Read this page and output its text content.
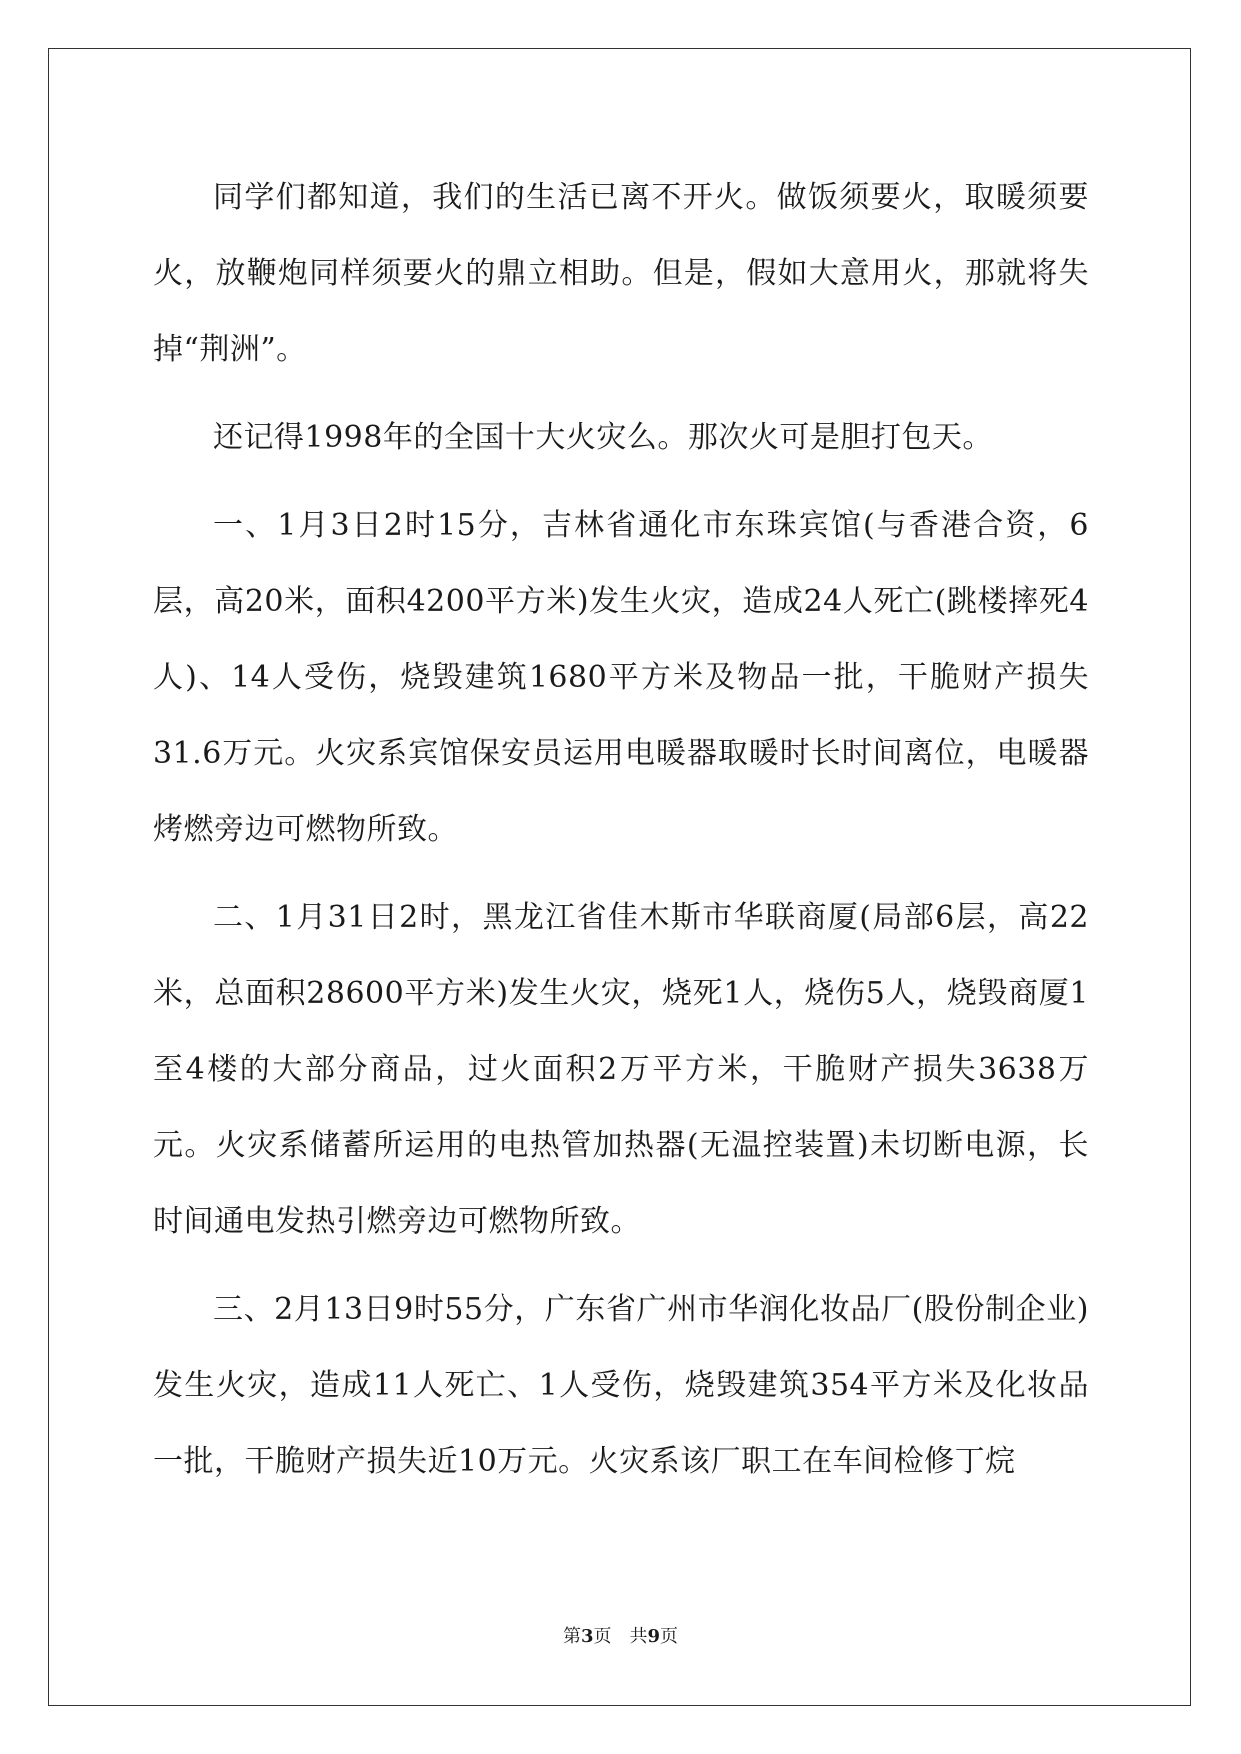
同学们都知道，我们的生活已离不开火。做饭须要火，取暖须要火，放鞭炮同样须要火的鼎立相助。但是，假如大意用火，那就将失掉“荆洲”。

还记得1998年的全国十大火灾么。那次火可是胆打包天。

一、1月3日2时15分，吉林省通化市东珠宾馆(与香港合资，6层，高20米，面积4200平方米)发生火灾，造成24人死亡(跳楼摔死4人)、14人受伤，烧毁建筑1680平方米及物品一批，干脆财产损失31.6万元。火灾系宾馆保安员运用电暖器取暖时长时间离位，电暖器烤燃旁边可燃物所致。

二、1月31日2时，黑龙江省佳木斯市华联商厦(局部6层，高22米，总面积28600平方米)发生火灾，烧死1人，烧伤5人，烧毁商厦1至4楼的大部分商品，过火面积2万平方米，干脆财产损失3638万元。火灾系储蓄所运用的电热管加热器(无温控装置)未切断电源，长时间通电发热引燃旁边可燃物所致。

三、2月13日9时55分，广东省广州市华润化妆品厂(股份制企业)发生火灾，造成11人死亡、1人受伤，烧毁建筑354平方米及化妆品一批，干脆财产损失近10万元。火灾系该厂职工在车间检修丁烷

第3页 共9页
